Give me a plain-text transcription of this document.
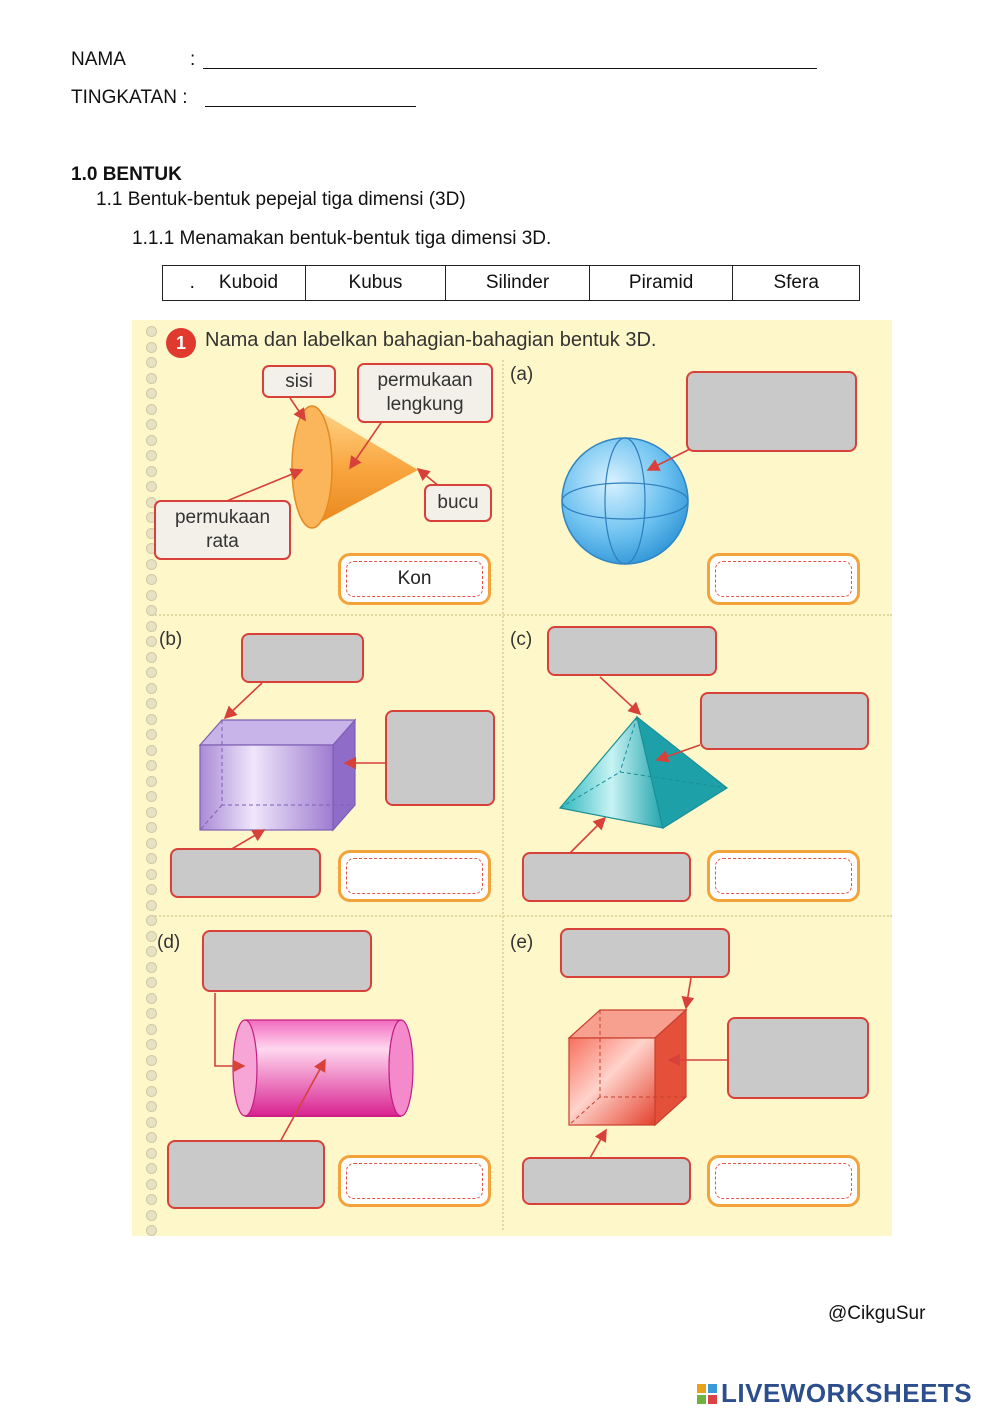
NAMA	:
TINGKATAN :
1.0 BENTUK
1.1 Bentuk-bentuk pepejal tiga dimensi (3D)
1.1.1 Menamakan bentuk-bentuk tiga dimensi 3D.
. Kuboid	Kubus	Silinder	Piramid	Sfera
1 Nama dan labelkan bahagian-bahagian bentuk 3D.
sisi	permukaan lengkung
bucu
permukaan rata
Kon
(a)
(b)	(c)
(d)	(e)
@CikguSur
LIVEWORKSHEETS
